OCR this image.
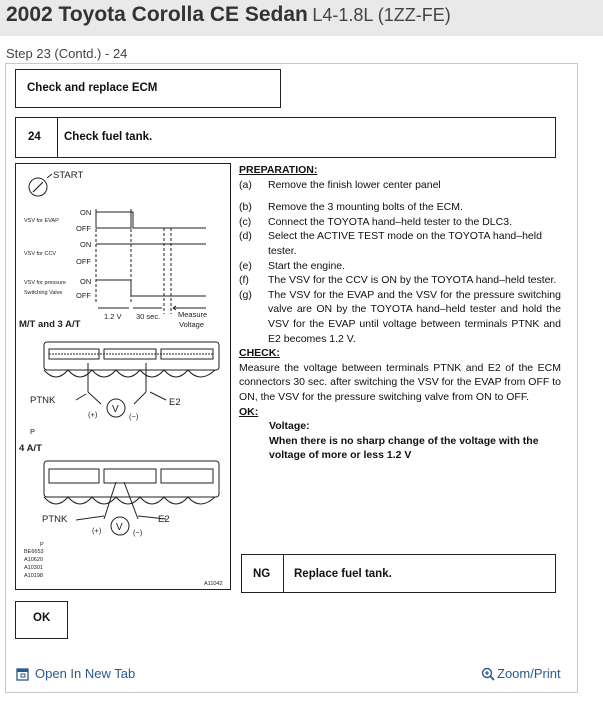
2002 Toyota Corolla CE Sedan L4-1.8L (1ZZ-FE)
Step 23 (Contd.) - 24
Check and replace ECM
24 Check fuel tank.
V
V
START
VSV for EVAP
VSV for CCV
VSV for pressure
Switching Valve
ON
OFF
ON
OFF
ON
OFF
1.2 V 30 sec. Measure
Voltage
M/T and 3 A/T
PTNK	E2
(+)	(−)
P
4 A/T
PTNK	E2
(+)	(−)
P
BE6653
A10620
A10301
A10198
A11042
PREPARATION:
(a)	Remove the finish lower center panel
(b)	Remove the 3 mounting bolts of the ECM.
(c)	Connect the TOYOTA hand–held tester to the DLC3.
(d)	Select the ACTIVE TEST mode on the TOYOTA hand–held tester.
(e)	Start the engine.
(f)	The VSV for the CCV is ON by the TOYOTA hand–held tester.
(g)	The VSV for the EVAP and the VSV for the pressure switching valve are ON by the TOYOTA hand–held tester and hold the VSV for the EVAP until voltage between terminals PTNK and E2 becomes 1.2 V.
CHECK:
Measure the voltage between terminals PTNK and E2 of the ECM connectors 30 sec. after switching the VSV for the EVAP from OFF to ON, the VSV for the pressure switching valve from ON to OFF.
OK:
Voltage:
When there is no sharp change of the voltage with the voltage of more or less 1.2 V
NG Replace fuel tank.
OK
Open In New Tab	Zoom/Print
